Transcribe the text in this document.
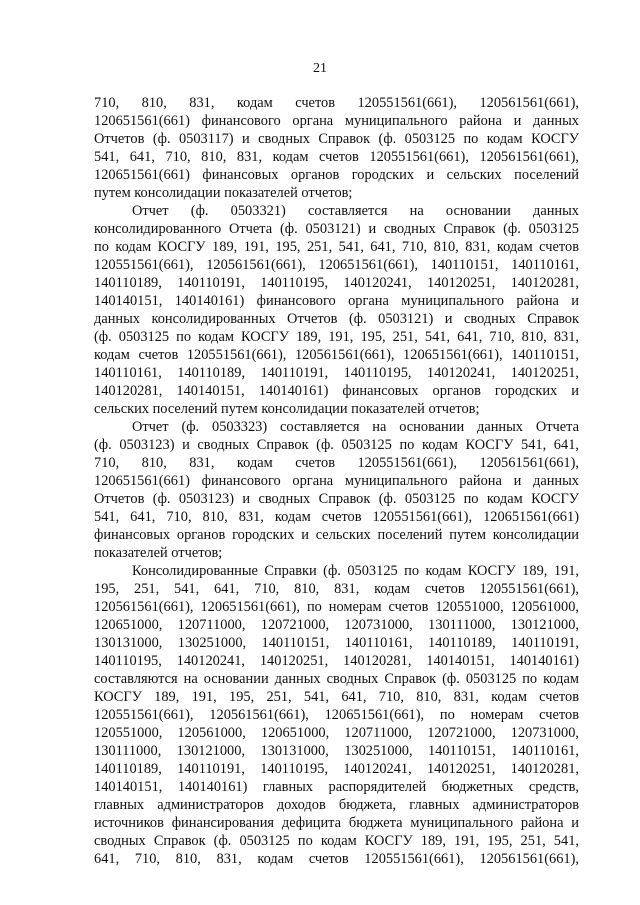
21
710, 810, 831, кодам счетов 120551561(661), 120561561(661),
120651561(661) финансового органа муниципального района и данных
Отчетов (ф. 0503117) и сводных Справок (ф. 0503125 по кодам КОСГУ
541, 641, 710, 810, 831, кодам счетов 120551561(661), 120561561(661),
120651561(661) финансовых органов городских и сельских поселений
путем консолидации показателей отчетов;
Отчет (ф. 0503321) составляется на основании данных
консолидированного Отчета (ф. 0503121) и сводных Справок (ф. 0503125
по кодам КОСГУ 189, 191, 195, 251, 541, 641, 710, 810, 831, кодам счетов
120551561(661), 120561561(661), 120651561(661), 140110151, 140110161,
140110189, 140110191, 140110195, 140120241, 140120251, 140120281,
140140151, 140140161) финансового органа муниципального района и
данных консолидированных Отчетов (ф. 0503121) и сводных Справок
(ф. 0503125 по кодам КОСГУ 189, 191, 195, 251, 541, 641, 710, 810, 831,
кодам счетов 120551561(661), 120561561(661), 120651561(661), 140110151,
140110161, 140110189, 140110191, 140110195, 140120241, 140120251,
140120281, 140140151, 140140161) финансовых органов городских и
сельских поселений путем консолидации показателей отчетов;
Отчет (ф. 0503323) составляется на основании данных Отчета
(ф. 0503123) и сводных Справок (ф. 0503125 по кодам КОСГУ 541, 641,
710, 810, 831, кодам счетов 120551561(661), 120561561(661),
120651561(661) финансового органа муниципального района и данных
Отчетов (ф. 0503123) и сводных Справок (ф. 0503125 по кодам КОСГУ
541, 641, 710, 810, 831, кодам счетов 120551561(661), 120651561(661)
финансовых органов городских и сельских поселений путем консолидации
показателей отчетов;
Консолидированные Справки (ф. 0503125 по кодам КОСГУ 189, 191,
195, 251, 541, 641, 710, 810, 831, кодам счетов 120551561(661),
120561561(661), 120651561(661), по номерам счетов 120551000, 120561000,
120651000, 120711000, 120721000, 120731000, 130111000, 130121000,
130131000, 130251000, 140110151, 140110161, 140110189, 140110191,
140110195, 140120241, 140120251, 140120281, 140140151, 140140161)
составляются на основании данных сводных Справок (ф. 0503125 по кодам
КОСГУ 189, 191, 195, 251, 541, 641, 710, 810, 831, кодам счетов
120551561(661), 120561561(661), 120651561(661), по номерам счетов
120551000, 120561000, 120651000, 120711000, 120721000, 120731000,
130111000, 130121000, 130131000, 130251000, 140110151, 140110161,
140110189, 140110191, 140110195, 140120241, 140120251, 140120281,
140140151, 140140161) главных распорядителей бюджетных средств,
главных администраторов доходов бюджета, главных администраторов
источников финансирования дефицита бюджета муниципального района и
сводных Справок (ф. 0503125 по кодам КОСГУ 189, 191, 195, 251, 541,
641, 710, 810, 831, кодам счетов 120551561(661), 120561561(661),
